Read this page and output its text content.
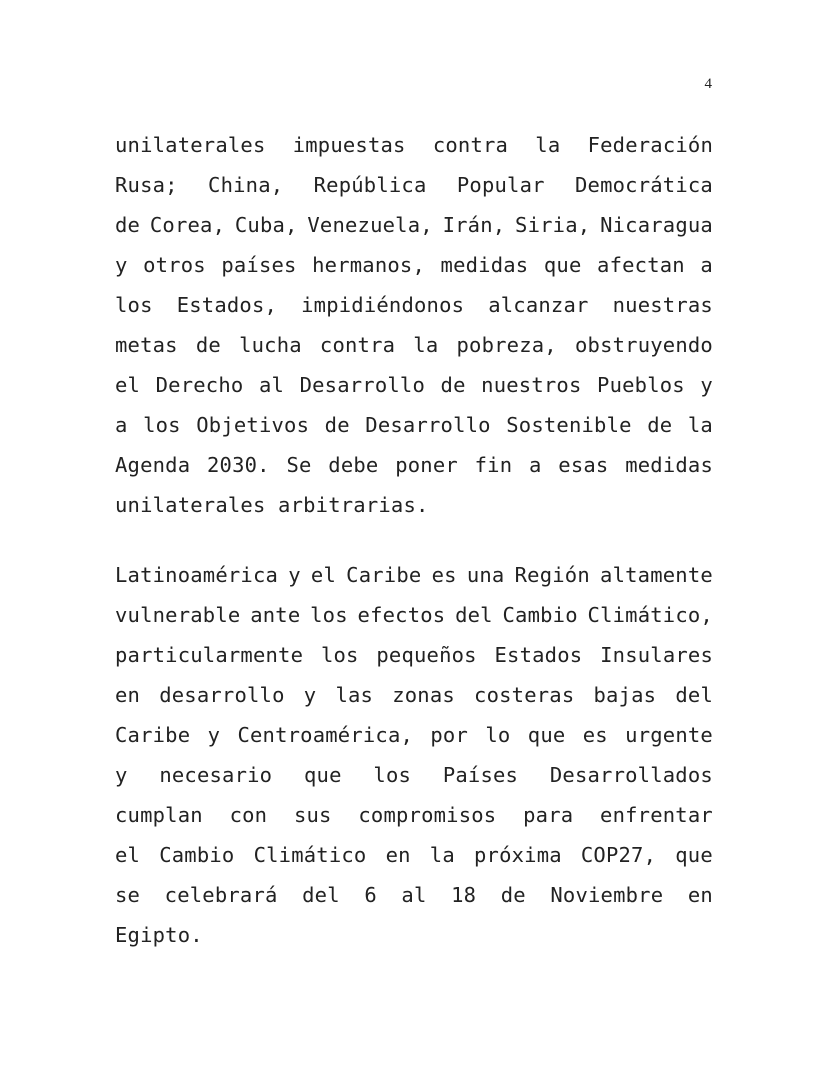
4
unilaterales impuestas contra la Federación
Rusa; China, República Popular Democrática
de Corea, Cuba, Venezuela, Irán, Siria, Nicaragua
y otros países hermanos, medidas que afectan a
los Estados, impidiéndonos alcanzar nuestras
metas de lucha contra la pobreza, obstruyendo
el Derecho al Desarrollo de nuestros Pueblos y
a los Objetivos de Desarrollo Sostenible de la
Agenda 2030. Se debe poner fin a esas medidas
unilaterales arbitrarias.
Latinoamérica y el Caribe es una Región altamente
vulnerable ante los efectos del Cambio Climático,
particularmente los pequeños Estados Insulares
en desarrollo y las zonas costeras bajas del
Caribe y Centroamérica, por lo que es urgente
y necesario que los Países Desarrollados
cumplan con sus compromisos para enfrentar
el Cambio Climático en la próxima COP27, que
se celebrará del 6 al 18 de Noviembre en
Egipto.
